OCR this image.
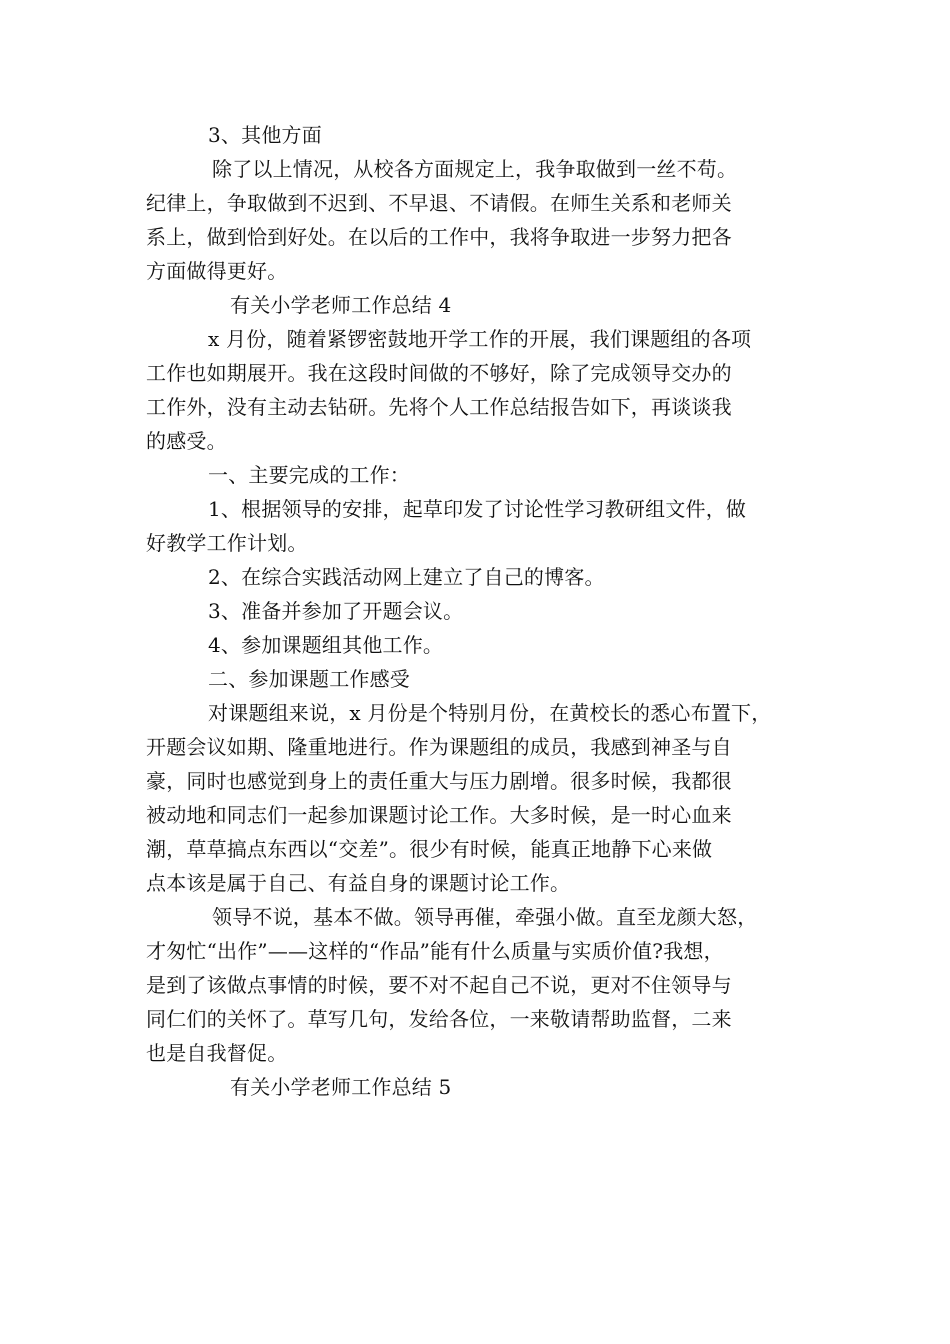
3、其他方面
除了以上情况，从校各方面规定上，我争取做到一丝不苟。
纪律上，争取做到不迟到、不早退、不请假。在师生关系和老师关
系上，做到恰到好处。在以后的工作中，我将争取进一步努力把各
方面做得更好。
有关小学老师工作总结 4
x 月份，随着紧锣密鼓地开学工作的开展，我们课题组的各项
工作也如期展开。我在这段时间做的不够好，除了完成领导交办的
工作外，没有主动去钻研。先将个人工作总结报告如下，再谈谈我
的感受。
一、主要完成的工作：
1、根据领导的安排，起草印发了讨论性学习教研组文件，做
好教学工作计划。
2、在综合实践活动网上建立了自己的博客。
3、准备并参加了开题会议。
4、参加课题组其他工作。
二、参加课题工作感受
对课题组来说，x 月份是个特别月份，在黄校长的悉心布置下，
开题会议如期、隆重地进行。作为课题组的成员，我感到神圣与自
豪，同时也感觉到身上的责任重大与压力剧增。很多时候，我都很
被动地和同志们一起参加课题讨论工作。大多时候，是一时心血来
潮，草草搞点东西以“交差”。很少有时候，能真正地静下心来做
点本该是属于自己、有益自身的课题讨论工作。
领导不说，基本不做。领导再催，牵强小做。直至龙颜大怒，
才匆忙“出作”——这样的“作品”能有什么质量与实质价值?我想，
是到了该做点事情的时候，要不对不起自己不说，更对不住领导与
同仁们的关怀了。草写几句，发给各位，一来敬请帮助监督，二来
也是自我督促。
有关小学老师工作总结 5
